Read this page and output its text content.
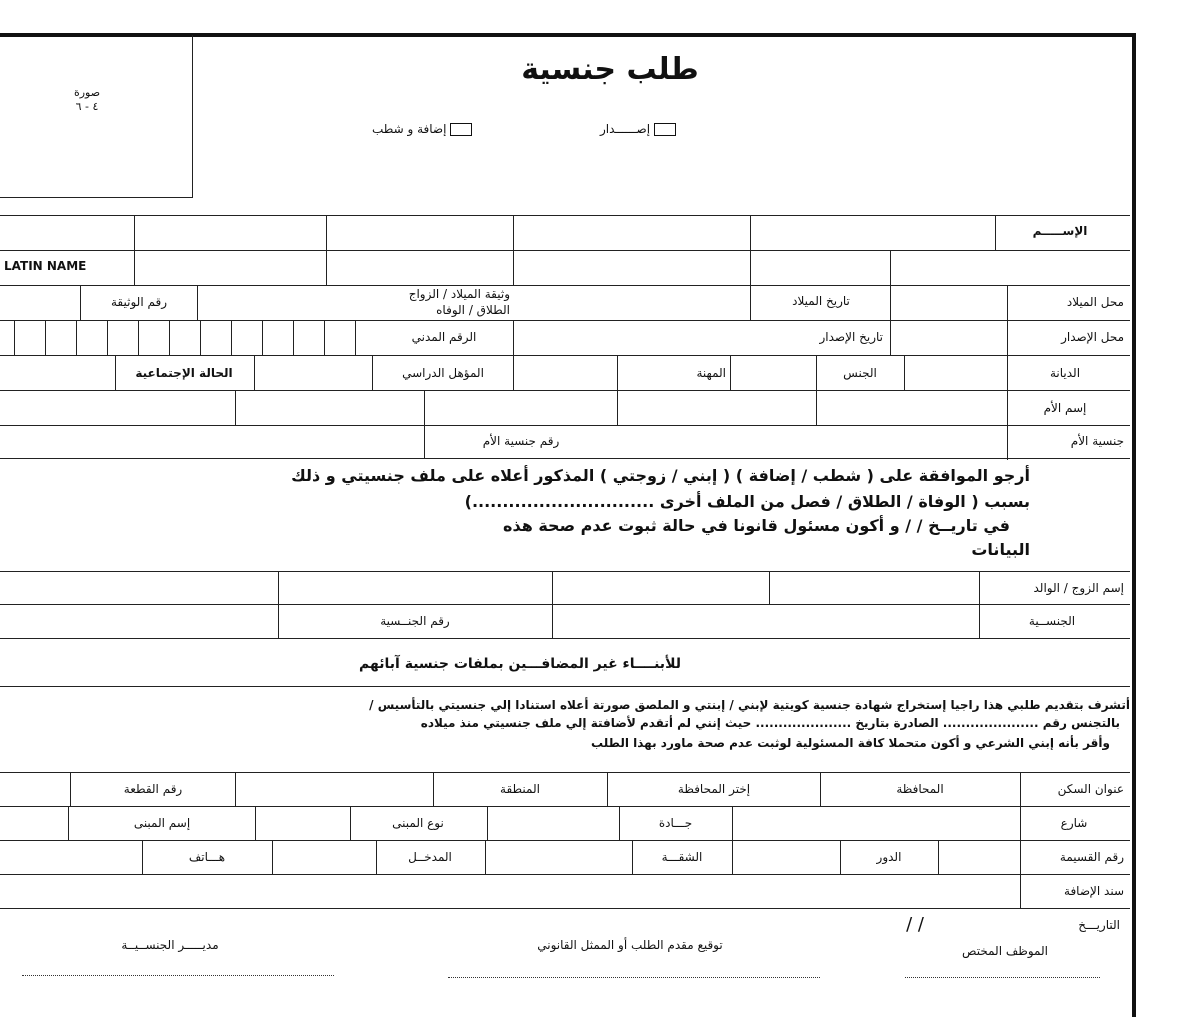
صورة
٤ - ٦
طلب جنسية
إصــــــدار
إضافة و شطب
الإســـــم
LATIN NAME
محل الميلاد
تاريخ الميلاد
وثيقة الميلاد / الزواج
الطلاق / الوفاه
رقم الوثيقة
محل الإصدار
تاريخ الإصدار
الرقم المدني
الديانة
الجنس
المهنة
المؤهل الدراسي
الحالة الإجتماعية
إسم الأم
جنسية الأم
رقم جنسية الأم
أرجو الموافقة على ( شطب / إضافة ) ( إبني / زوجتي ) المذكور أعلاه على ملف جنسيتي و ذلك
بسبب ( الوفاة / الطلاق / فصل من الملف أخرى ..............................)
في تاريــخ / / و أكون مسئول قانونا في حالة ثبوت عدم صحة هذه
البيانات
إسم الزوج / الوالد
الجنســية
رقم الجنــسية
للأبنــــاء غير المضافـــين بملفات جنسية آبائهم
أتشرف بتقديم طلبي هذا راجيا إستخراج شهادة جنسية كويتية لإبني / إبنتي و الملصق صورتة أعلاه استنادا إلي جنسيتي بالتأسيس /
بالتجنس رقم ..................... الصادرة بتاريخ ..................... حيث إنني لم أتقدم لأضافتة إلي ملف جنسيتي منذ ميلاده
وأقر بأنه إبني الشرعي و أكون متحملا كافة المسئولية لوثبت عدم صحة ماورد بهذا الطلب
عنوان السكن
المحافظة
إختر المحافظة
المنطقة
رقم القطعة
شارع
جـــادة
نوع المبنى
إسم المبنى
رقم القسيمة
الدور
الشقـــة
المدخــل
هـــاتف
سند الإضافة
التاريـــخ
/ /
الموظف المختص
توقيع مقدم الطلب أو الممثل القانوني
مديـــــر الجنســيــة
